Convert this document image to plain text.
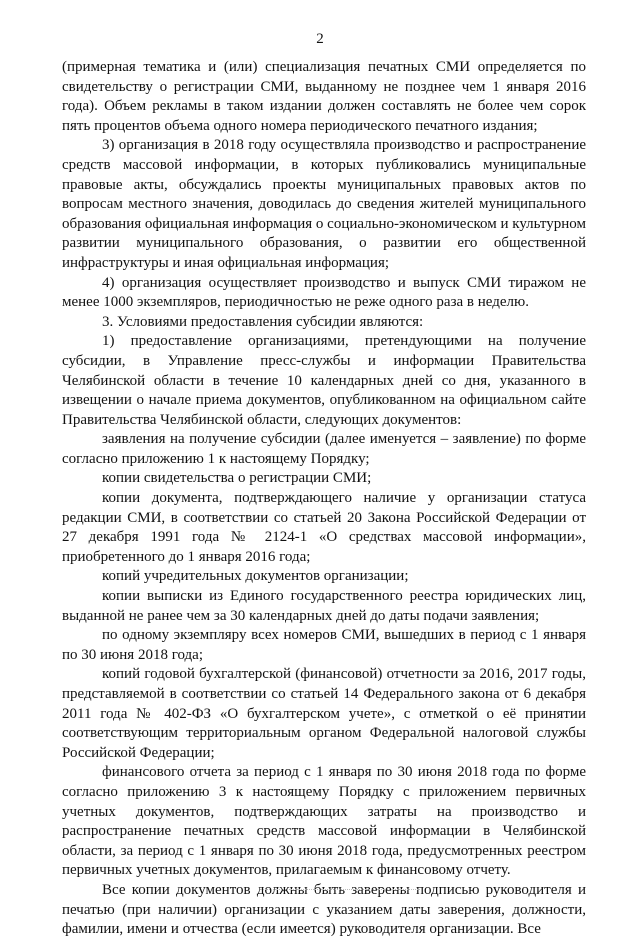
2

(примерная тематика и (или) специализация печатных СМИ определяется по свидетельству о регистрации СМИ, выданному не позднее чем 1 января 2016 года). Объем рекламы в таком издании должен составлять не более чем сорок пять процентов объема одного номера периодического печатного издания;

3) организация в 2018 году осуществляла производство и распространение средств массовой информации, в которых публиковались муниципальные правовые акты, обсуждались проекты муниципальных правовых актов по вопросам местного значения, доводилась до сведения жителей муниципального образования официальная информация о социально-экономическом и культурном развитии муниципального образования, о развитии его общественной инфраструктуры и иная официальная информация;

4) организация осуществляет производство и выпуск СМИ тиражом не менее 1000 экземпляров, периодичностью не реже одного раза в неделю.

3. Условиями предоставления субсидии являются:

1) предоставление организациями, претендующими на получение субсидии, в Управление пресс-службы и информации Правительства Челябинской области в течение 10 календарных дней со дня, указанного в извещении о начале приема документов, опубликованном на официальном сайте Правительства Челябинской области, следующих документов:

заявления на получение субсидии (далее именуется – заявление) по форме согласно приложению 1 к настоящему Порядку;

копии свидетельства о регистрации СМИ;

копии документа, подтверждающего наличие у организации статуса редакции СМИ, в соответствии со статьей 20 Закона Российской Федерации от 27 декабря 1991 года № 2124-1 «О средствах массовой информации», приобретенного до 1 января 2016 года;

копий учредительных документов организации;

копии выписки из Единого государственного реестра юридических лиц, выданной не ранее чем за 30 календарных дней до даты подачи заявления;

по одному экземпляру всех номеров СМИ, вышедших в период с 1 января по 30 июня 2018 года;

копий годовой бухгалтерской (финансовой) отчетности за 2016, 2017 годы, представляемой в соответствии со статьей 14 Федерального закона от 6 декабря 2011 года № 402-ФЗ «О бухгалтерском учете», с отметкой о её принятии соответствующим территориальным органом Федеральной налоговой службы Российской Федерации;

финансового отчета за период с 1 января по 30 июня 2018 года по форме согласно приложению 3 к настоящему Порядку с приложением первичных учетных документов, подтверждающих затраты на производство и распространение печатных средств массовой информации в Челябинской области, за период с 1 января по 30 июня 2018 года, предусмотренных реестром первичных учетных документов, прилагаемым к финансовому отчету.

Все копии документов должны быть заверены подписью руководителя и печатью (при наличии) организации с указанием даты заверения, должности, фамилии, имени и отчества (если имеется) руководителя организации. Все
